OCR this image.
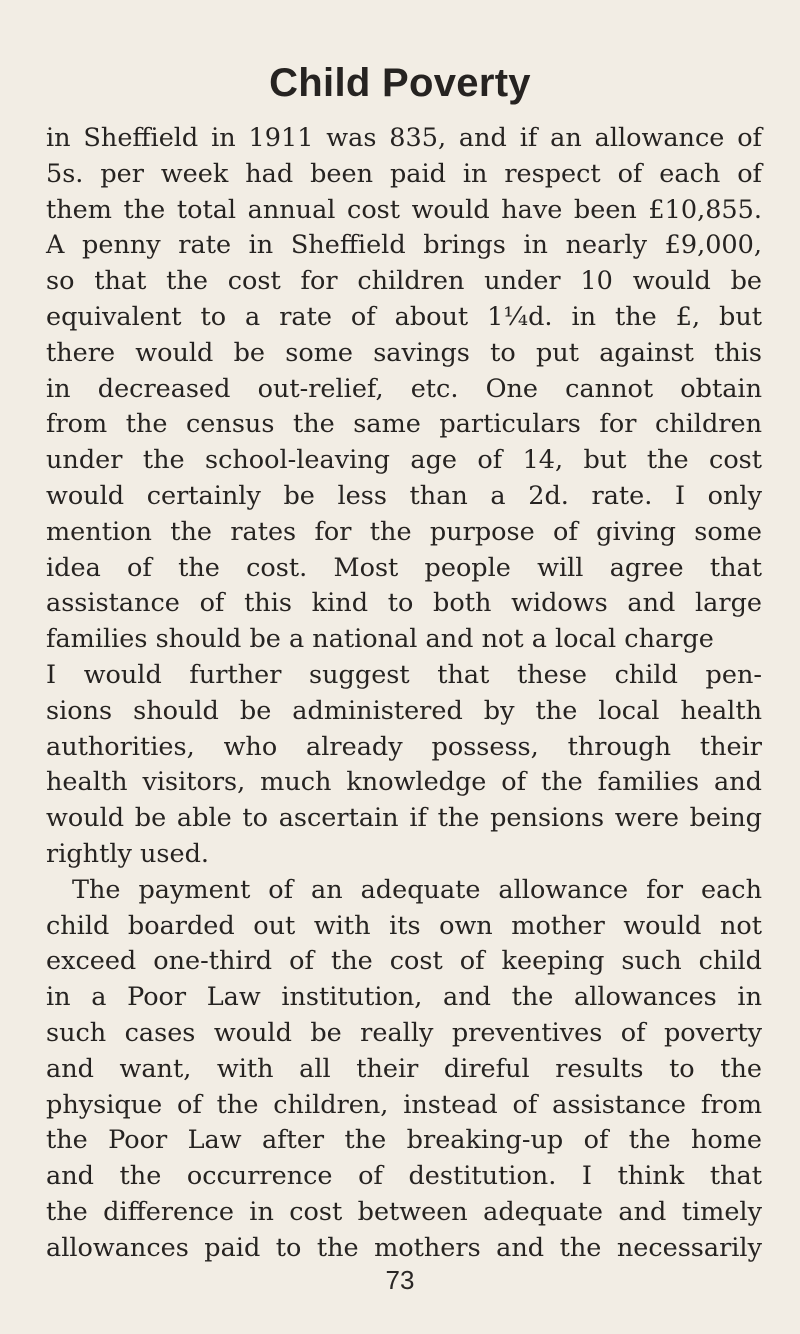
Child Poverty
in Sheffield in 1911 was 835, and if an allowance of
5s. per week had been paid in respect of each of
them the total annual cost would have been £10,855.
A penny rate in Sheffield brings in nearly £9,000,
so that the cost for children under 10 would be
equivalent to a rate of about 1¼d. in the £, but
there would be some savings to put against this
in decreased out-relief, etc. One cannot obtain
from the census the same particulars for children
under the school-leaving age of 14, but the cost
would certainly be less than a 2d. rate. I only
mention the rates for the purpose of giving some
idea of the cost. Most people will agree that
assistance of this kind to both widows and large
families should be a national and not a local charge
I would further suggest that these child pen-
sions should be administered by the local health
authorities, who already possess, through their
health visitors, much knowledge of the families and
would be able to ascertain if the pensions were being
rightly used.
The payment of an adequate allowance for each
child boarded out with its own mother would not
exceed one-third of the cost of keeping such child
in a Poor Law institution, and the allowances in
such cases would be really preventives of poverty
and want, with all their direful results to the
physique of the children, instead of assistance from
the Poor Law after the breaking-up of the home
and the occurrence of destitution. I think that
the difference in cost between adequate and timely
allowances paid to the mothers and the necessarily
73
